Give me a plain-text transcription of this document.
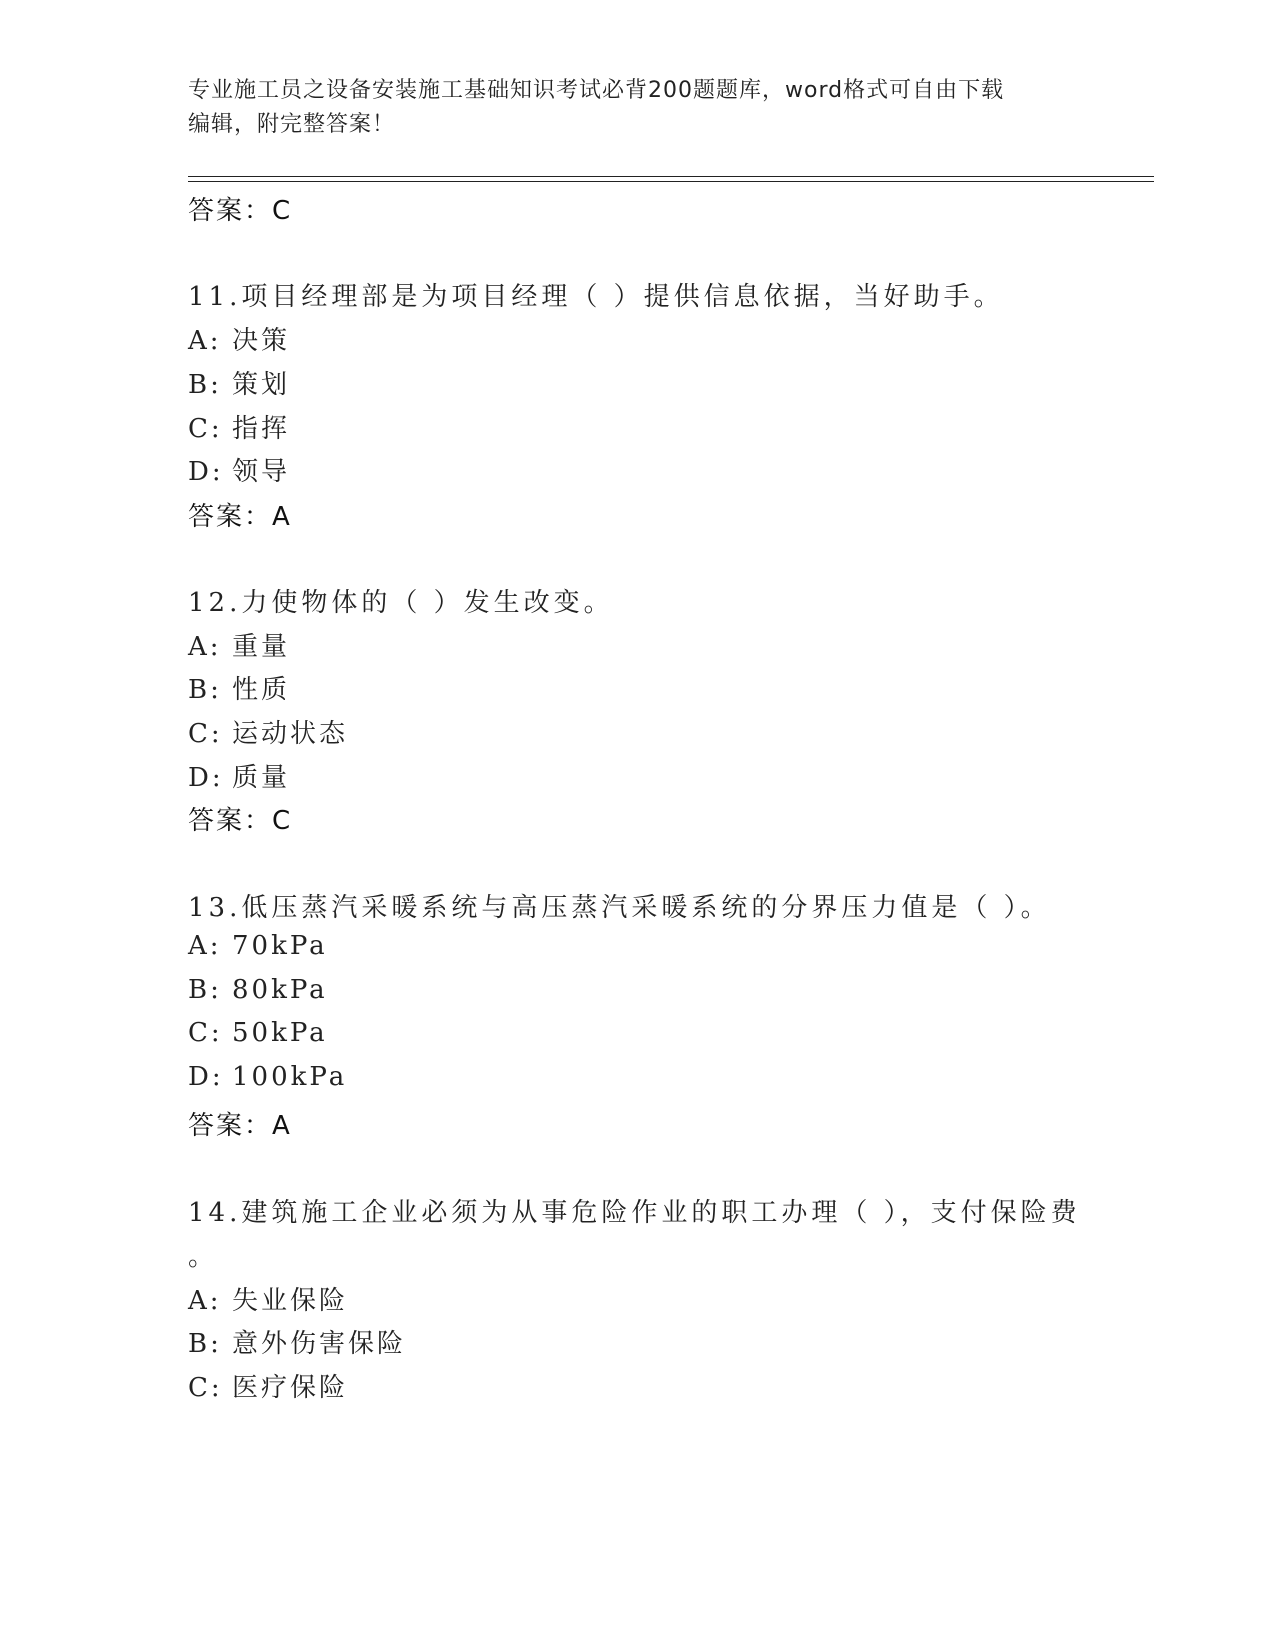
专业施工员之设备安装施工基础知识考试必背200题题库，word格式可自由下载
编辑，附完整答案！
答案：C
11.项目经理部是为项目经理（ ）提供信息依据，当好助手。
A: 决策
B: 策划
C: 指挥
D: 领导
答案：A
12.力使物体的（ ）发生改变。
A: 重量
B: 性质
C: 运动状态
D: 质量
答案：C
13.低压蒸汽采暖系统与高压蒸汽采暖系统的分界压力值是（ ）。
A: 70kPa
B: 80kPa
C: 50kPa
D: 100kPa
答案：A
14.建筑施工企业必须为从事危险作业的职工办理（ ），支付保险费
。
A: 失业保险
B: 意外伤害保险
C: 医疗保险
